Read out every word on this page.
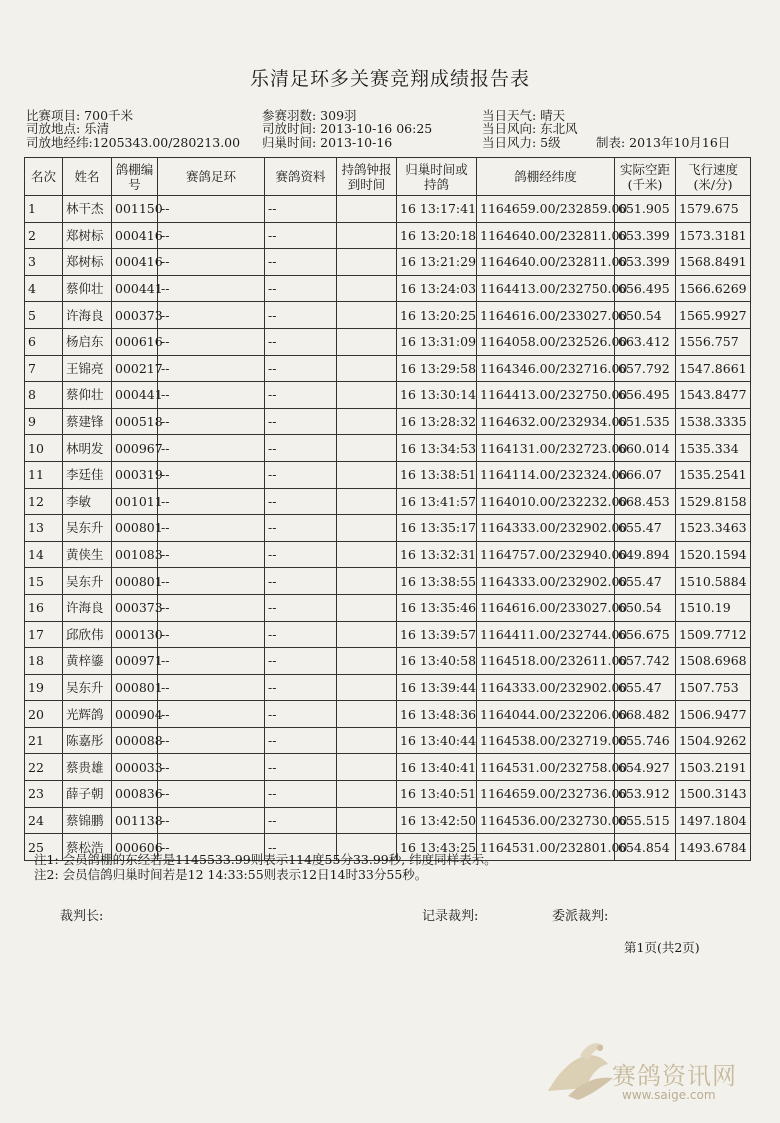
乐清足环多关赛竞翔成绩报告表
比赛项目: 700千米
司放地点: 乐清
司放地经纬:1205343.00/280213.00
参赛羽数: 309羽
司放时间: 2013-10-16 06:25
归巢时间: 2013-10-16
当日天气: 晴天
当日风向: 东北风
当日风力: 5级	制表: 2013年10月16日
名次	姓名	鸽棚编号	赛鸽足环	赛鸽资料	持鸽钟报到时间	归巢时间或持鸽	鸽棚经纬度	实际空距(千米)	飞行速度(米/分)
1	林干杰	001150	--	--		16 13:17:41	1164659.00/232859.00	651.905	1579.675
2	郑树标	000416	--	--		16 13:20:18	1164640.00/232811.00	653.399	1573.3181
3	郑树标	000416	--	--		16 13:21:29	1164640.00/232811.00	653.399	1568.8491
4	蔡仰壮	000441	--	--		16 13:24:03	1164413.00/232750.00	656.495	1566.6269
5	许海良	000373	--	--		16 13:20:25	1164616.00/233027.00	650.54	1565.9927
6	杨启东	000616	--	--		16 13:31:09	1164058.00/232526.00	663.412	1556.757
7	王锦亮	000217	--	--		16 13:29:58	1164346.00/232716.00	657.792	1547.8661
8	蔡仰壮	000441	--	--		16 13:30:14	1164413.00/232750.00	656.495	1543.8477
9	蔡建锋	000518	--	--		16 13:28:32	1164632.00/232934.00	651.535	1538.3335
10	林明发	000967	--	--		16 13:34:53	1164131.00/232723.00	660.014	1535.334
11	李廷佳	000319	--	--		16 13:38:51	1164114.00/232324.00	666.07	1535.2541
12	李敏	001011	--	--		16 13:41:57	1164010.00/232232.00	668.453	1529.8158
13	吴东升	000801	--	--		16 13:35:17	1164333.00/232902.00	655.47	1523.3463
14	黄侠生	001083	--	--		16 13:32:31	1164757.00/232940.00	649.894	1520.1594
15	吴东升	000801	--	--		16 13:38:55	1164333.00/232902.00	655.47	1510.5884
16	许海良	000373	--	--		16 13:35:46	1164616.00/233027.00	650.54	1510.19
17	邱欣伟	000130	--	--		16 13:39:57	1164411.00/232744.00	656.675	1509.7712
18	黄梓鎏	000971	--	--		16 13:40:58	1164518.00/232611.00	657.742	1508.6968
19	吴东升	000801	--	--		16 13:39:44	1164333.00/232902.00	655.47	1507.753
20	光辉鸽	000904	--	--		16 13:48:36	1164044.00/232206.00	668.482	1506.9477
21	陈嘉彤	000088	--	--		16 13:40:44	1164538.00/232719.00	655.746	1504.9262
22	蔡贵雄	000033	--	--		16 13:40:41	1164531.00/232758.00	654.927	1503.2191
23	薛子朝	000836	--	--		16 13:40:51	1164659.00/232736.00	653.912	1500.3143
24	蔡锦鹏	001138	--	--		16 13:42:50	1164536.00/232730.00	655.515	1497.1804
25	蔡松浩	000606	--	--		16 13:43:25	1164531.00/232801.00	654.854	1493.6784
注1: 会员鸽棚的东经若是1145533.99则表示114度55分33.99秒, 纬度同样表示。
注2: 会员信鸽归巢时间若是12 14:33:55则表示12日14时33分55秒。
裁判长:	记录裁判:	委派裁判:
第1页(共2页)
赛鸽资讯网
www.saige.com
